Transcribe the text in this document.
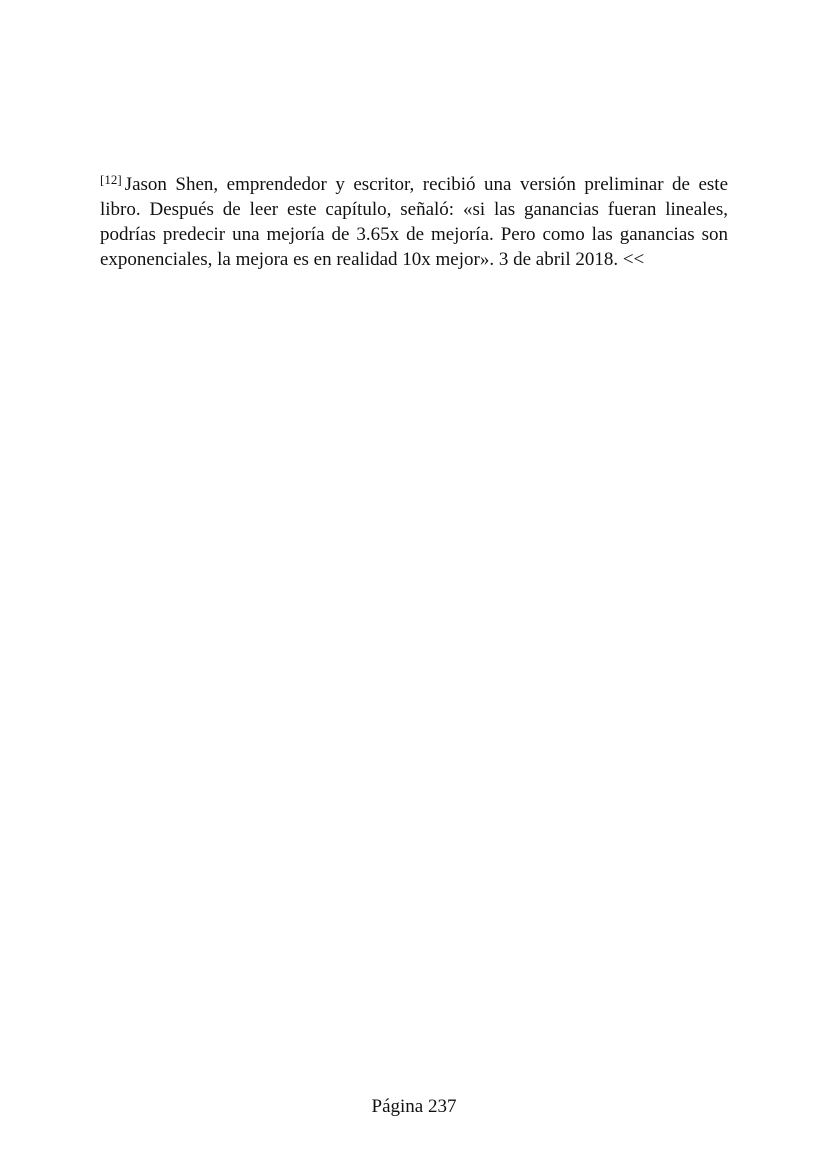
[12] Jason Shen, emprendedor y escritor, recibió una versión preliminar de este libro. Después de leer este capítulo, señaló: «si las ganancias fueran lineales, podrías predecir una mejoría de 3.65x de mejoría. Pero como las ganancias son exponenciales, la mejora es en realidad 10x mejor». 3 de abril 2018. <<

Página 237
